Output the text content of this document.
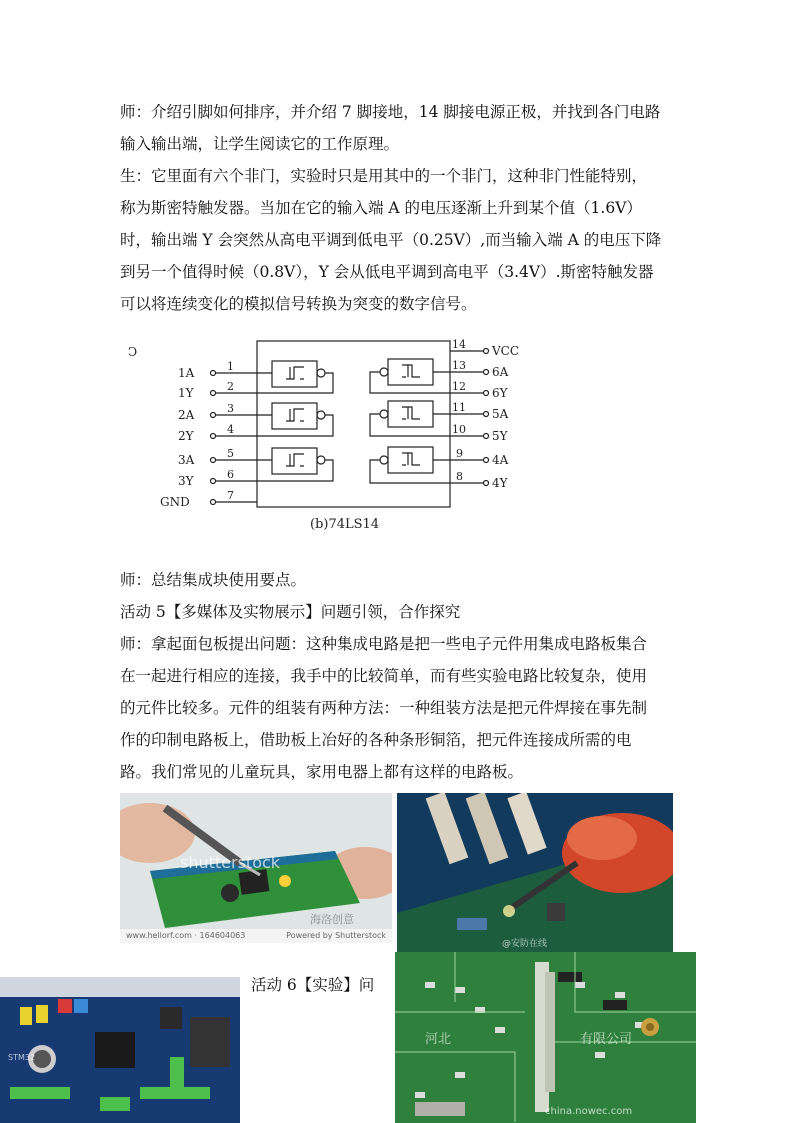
师：介绍引脚如何排序，并介绍 7 脚接地，14 脚接电源正极，并找到各门电路

输入输出端，让学生阅读它的工作原理。

生：它里面有六个非门，实验时只是用其中的一个非门，这种非门性能特别，

称为斯密特触发器。当加在它的输入端 A 的电压逐渐上升到某个值（1.6V）

时，输出端 Y 会突然从高电平调到低电平（0.25V）,而当输入端 A 的电压下降

到另一个值得时候（0.8V），Y 会从低电平调到高电平（3.4V）.斯密特触发器

可以将连续变化的模拟信号转换为突变的数字信号。

Ↄ
1A
1Y
2A
2Y
3A
3Y
GND
1
2
3
4
5
6
7
14
13
12
11
10
9
8
VCC
6A
6Y
5A
5Y
4A
4Y
(b)74LS14

师：总结集成块使用要点。

活动 5【多媒体及实物展示】问题引领，合作探究

师：拿起面包板提出问题：这种集成电路是把一些电子元件用集成电路板集合

在一起进行相应的连接，我手中的比较简单，而有些实验电路比较复杂，使用

的元件比较多。元件的组装有两种方法：一种组装方法是把元件焊接在事先制

作的印制电路板上，借助板上冶好的各种条形铜箔，把元件连接成所需的电

路。我们常见的儿童玩具，家用电器上都有这样的电路板。

shutterstock
海洛创意
www.hellorf.com · 164604063	Powered by Shutterstock
@安防在线
STM32

活动 6【实验】问

河北	有限公司
china.nowec.com
